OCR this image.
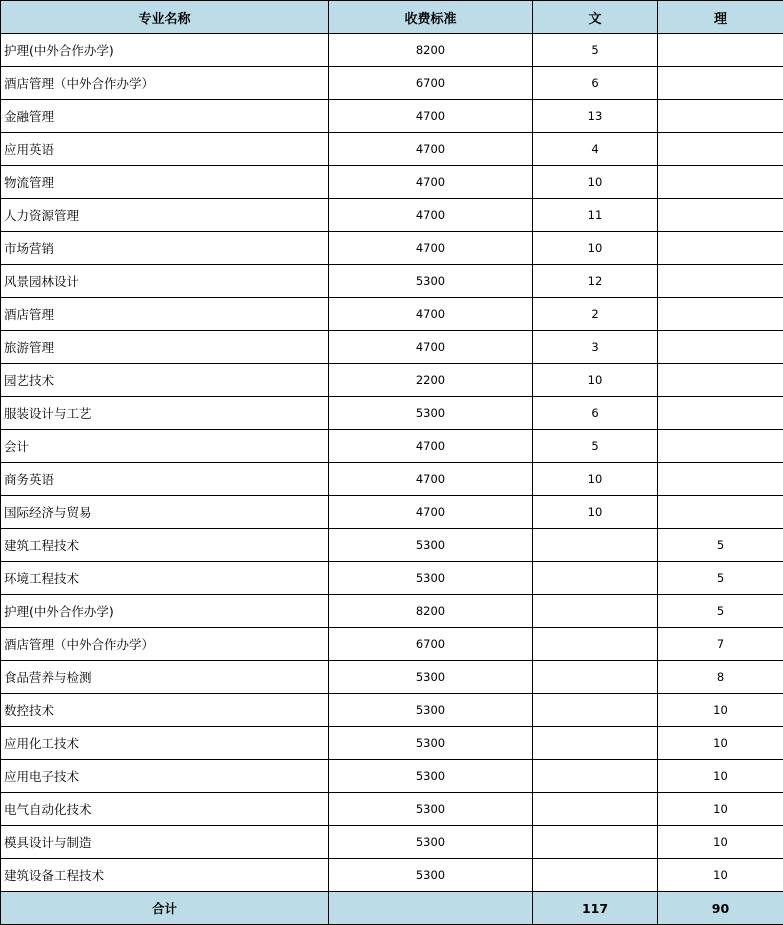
专业名称	收费标准	文	理
护理(中外合作办学)	8200	5	
酒店管理（中外合作办学）	6700	6	
金融管理	4700	13	
应用英语	4700	4	
物流管理	4700	10	
人力资源管理	4700	11	
市场营销	4700	10	
风景园林设计	5300	12	
酒店管理	4700	2	
旅游管理	4700	3	
园艺技术	2200	10	
服装设计与工艺	5300	6	
会计	4700	5	
商务英语	4700	10	
国际经济与贸易	4700	10	
建筑工程技术	5300		5
环境工程技术	5300		5
护理(中外合作办学)	8200		5
酒店管理（中外合作办学）	6700		7
食品营养与检测	5300		8
数控技术	5300		10
应用化工技术	5300		10
应用电子技术	5300		10
电气自动化技术	5300		10
模具设计与制造	5300		10
建筑设备工程技术	5300		10
合计		117	90
